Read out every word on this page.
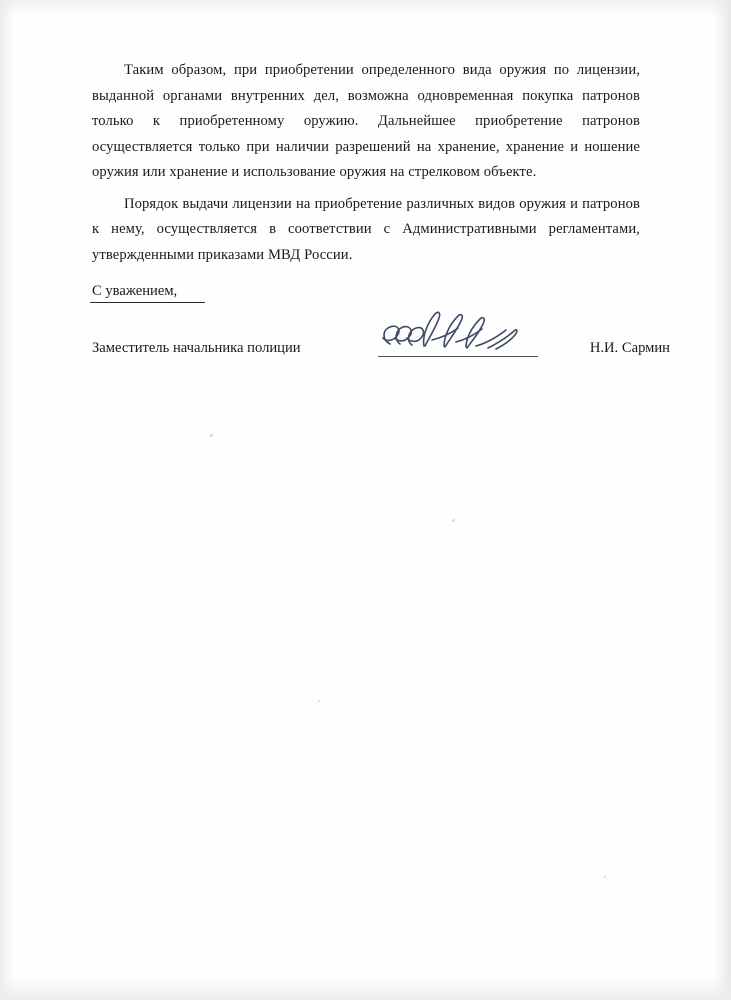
Таким образом, при приобретении определенного вида оружия по лицензии, выданной органами внутренних дел, возможна одновременная покупка патронов только к приобретенному оружию. Дальнейшее приобретение патронов осуществляется только при наличии разрешений на хранение, хранение и ношение оружия или хранение и использование оружия на стрелковом объекте.

Порядок выдачи лицензии на приобретение различных видов оружия и патронов к нему, осуществляется в соответствии с Административными регламентами, утвержденными приказами МВД России.

С уважением,
Заместитель начальника полиции	Н.И. Сармин
